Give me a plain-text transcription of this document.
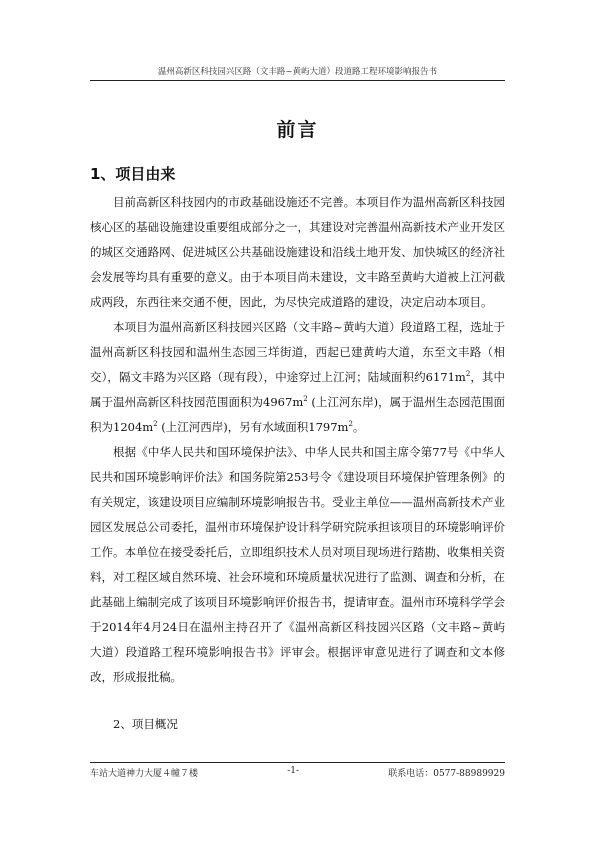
温州高新区科技园兴区路（文丰路~黄屿大道）段道路工程环境影响报告书
前言
1、项目由来

目前高新区科技园内的市政基础设施还不完善。本项目作为温州高新区科技园核心区的基础设施建设重要组成部分之一，其建设对完善温州高新技术产业开发区的城区交通路网、促进城区公共基础设施建设和沿线土地开发、加快城区的经济社会发展等均具有重要的意义。由于本项目尚未建设，文丰路至黄屿大道被上江河截成两段，东西往来交通不便，因此，为尽快完成道路的建设，决定启动本项目。

本项目为温州高新区科技园兴区路（文丰路~黄屿大道）段道路工程，选址于温州高新区科技园和温州生态园三垟街道，西起已建黄屿大道，东至文丰路（相交），隔文丰路为兴区路（现有段），中途穿过上江河；陆域面积约$6171m^2$，其中属于温州高新区科技园范围面积为$4967m^2$ (上江河东岸)，属于温州生态园范围面积为$1204m^2$ (上江河西岸)，另有水域面积$1797m^2$。

根据《中华人民共和国环境保护法》、中华人民共和国主席令第77号《中华人民共和国环境影响评价法》和国务院第253号令《建设项目环境保护管理条例》的有关规定，该建设项目应编制环境影响报告书。受业主单位——温州高新技术产业园区发展总公司委托，温州市环境保护设计科学研究院承担该项目的环境影响评价工作。本单位在接受委托后，立即组织技术人员对项目现场进行踏勘、收集相关资料，对工程区域自然环境、社会环境和环境质量状况进行了监测、调查和分析，在此基础上编制完成了该项目环境影响评价报告书，提请审查。温州市环境科学学会于2014年4月24日在温州主持召开了《温州高新区科技园兴区路（文丰路~黄屿大道）段道路工程环境影响报告书》评审会。根据评审意见进行了调查和文本修改，形成报批稿。

2、项目概况
车站大道神力大厦４幢７楼	-1-	联系电话：0577-88989929
